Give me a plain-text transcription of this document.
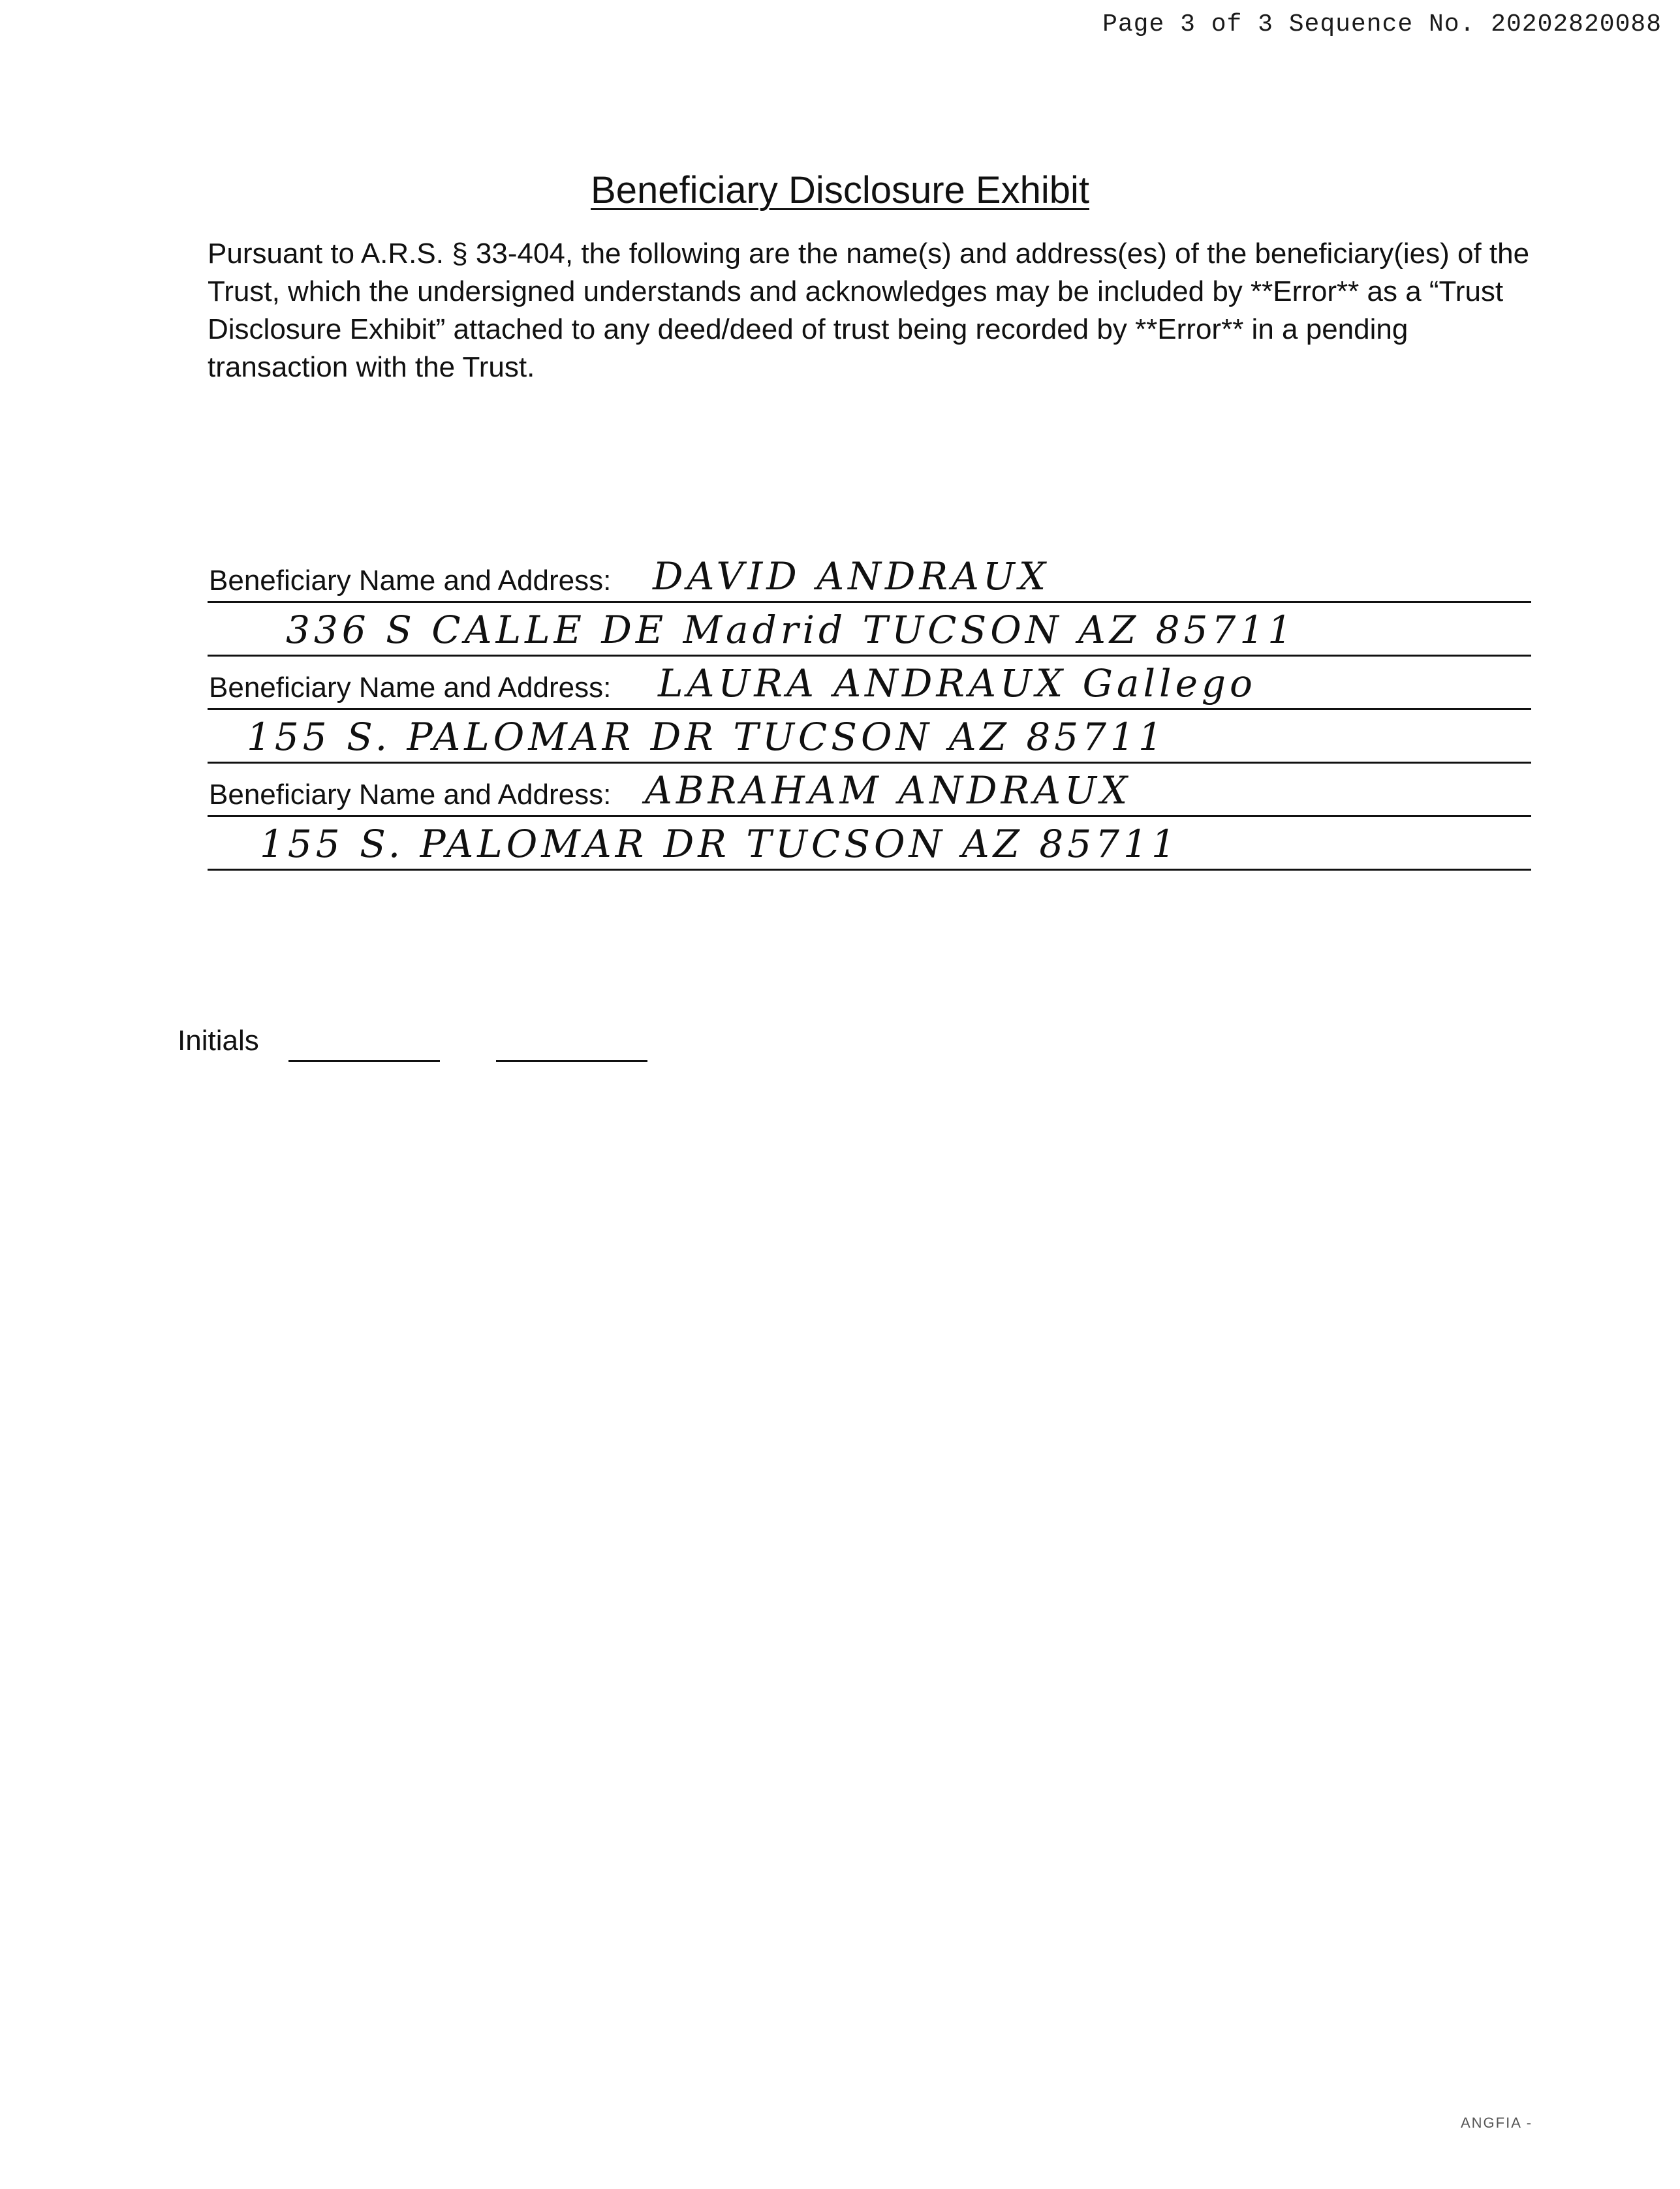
Page 3 of 3 Sequence No. 20202820088
Beneficiary Disclosure Exhibit
Pursuant to A.R.S. § 33-404, the following are the name(s) and address(es) of the beneficiary(ies) of the Trust, which the undersigned understands and acknowledges may be included by **Error** as a “Trust Disclosure Exhibit” attached to any deed/deed of trust being recorded by **Error** in a pending transaction with the Trust.
Beneficiary Name and Address: DAVID ANDRAUX
336 S CALLE DE Madrid TUCSON AZ 85711
Beneficiary Name and Address: LAURA ANDRAUX Gallego
155 S. PALOMAR DR TUCSON AZ 85711
Beneficiary Name and Address: ABRAHAM ANDRAUX
155 S. PALOMAR DR TUCSON AZ 85711
Initials
ANGFIA -
